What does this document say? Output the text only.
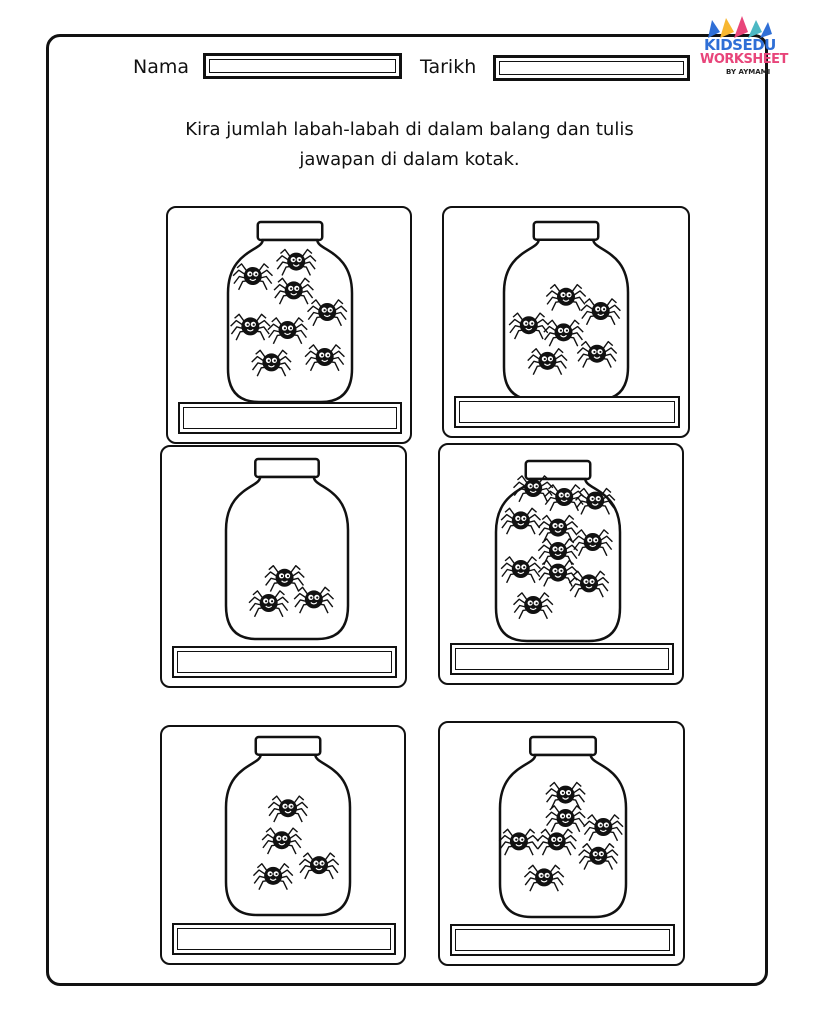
KIDSEDU
WORKSHEET
BY AYMAMI
Nama	Tarikh
Kira jumlah labah-labah di dalam balang dan tulis
jawapan di dalam kotak.
